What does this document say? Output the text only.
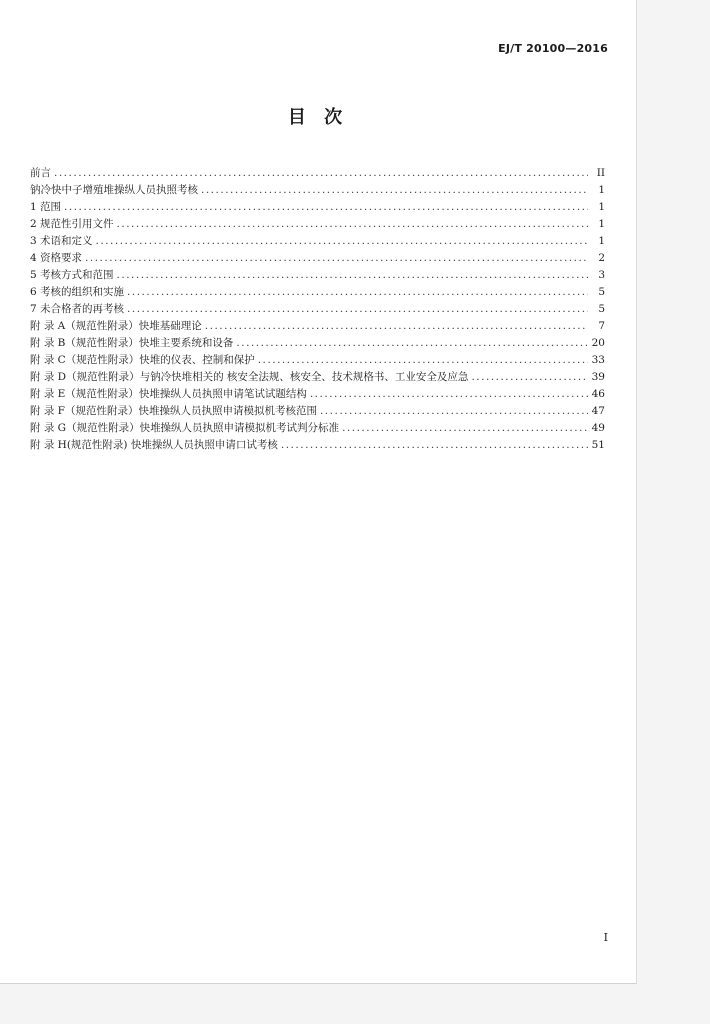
EJ/T 20100—2016
目 次
前言 .....	II
钠冷快中子增殖堆操纵人员执照考核 .....	1
1 范围 .....	1
2 规范性引用文件 .....	1
3 术语和定义 .....	1
4 资格要求 .....	2
5 考核方式和范围 .....	3
6 考核的组织和实施 .....	5
7 未合格者的再考核 .....	5
附 录 A（规范性附录）快堆基础理论 .....	7
附 录 B（规范性附录）快堆主要系统和设备 .....	20
附 录 C（规范性附录）快堆的仪表、控制和保护 .....	33
附 录 D（规范性附录）与钠冷快堆相关的 核安全法规、核安全、技术规格书、工业安全及应急 .....	39
附 录 E（规范性附录）快堆操纵人员执照申请笔试试题结构 .....	46
附 录 F（规范性附录）快堆操纵人员执照申请模拟机考核范围 .....	47
附 录 G（规范性附录）快堆操纵人员执照申请模拟机考试判分标准 .....	49
附 录 H(规范性附录) 快堆操纵人员执照申请口试考核 .....	51
I
